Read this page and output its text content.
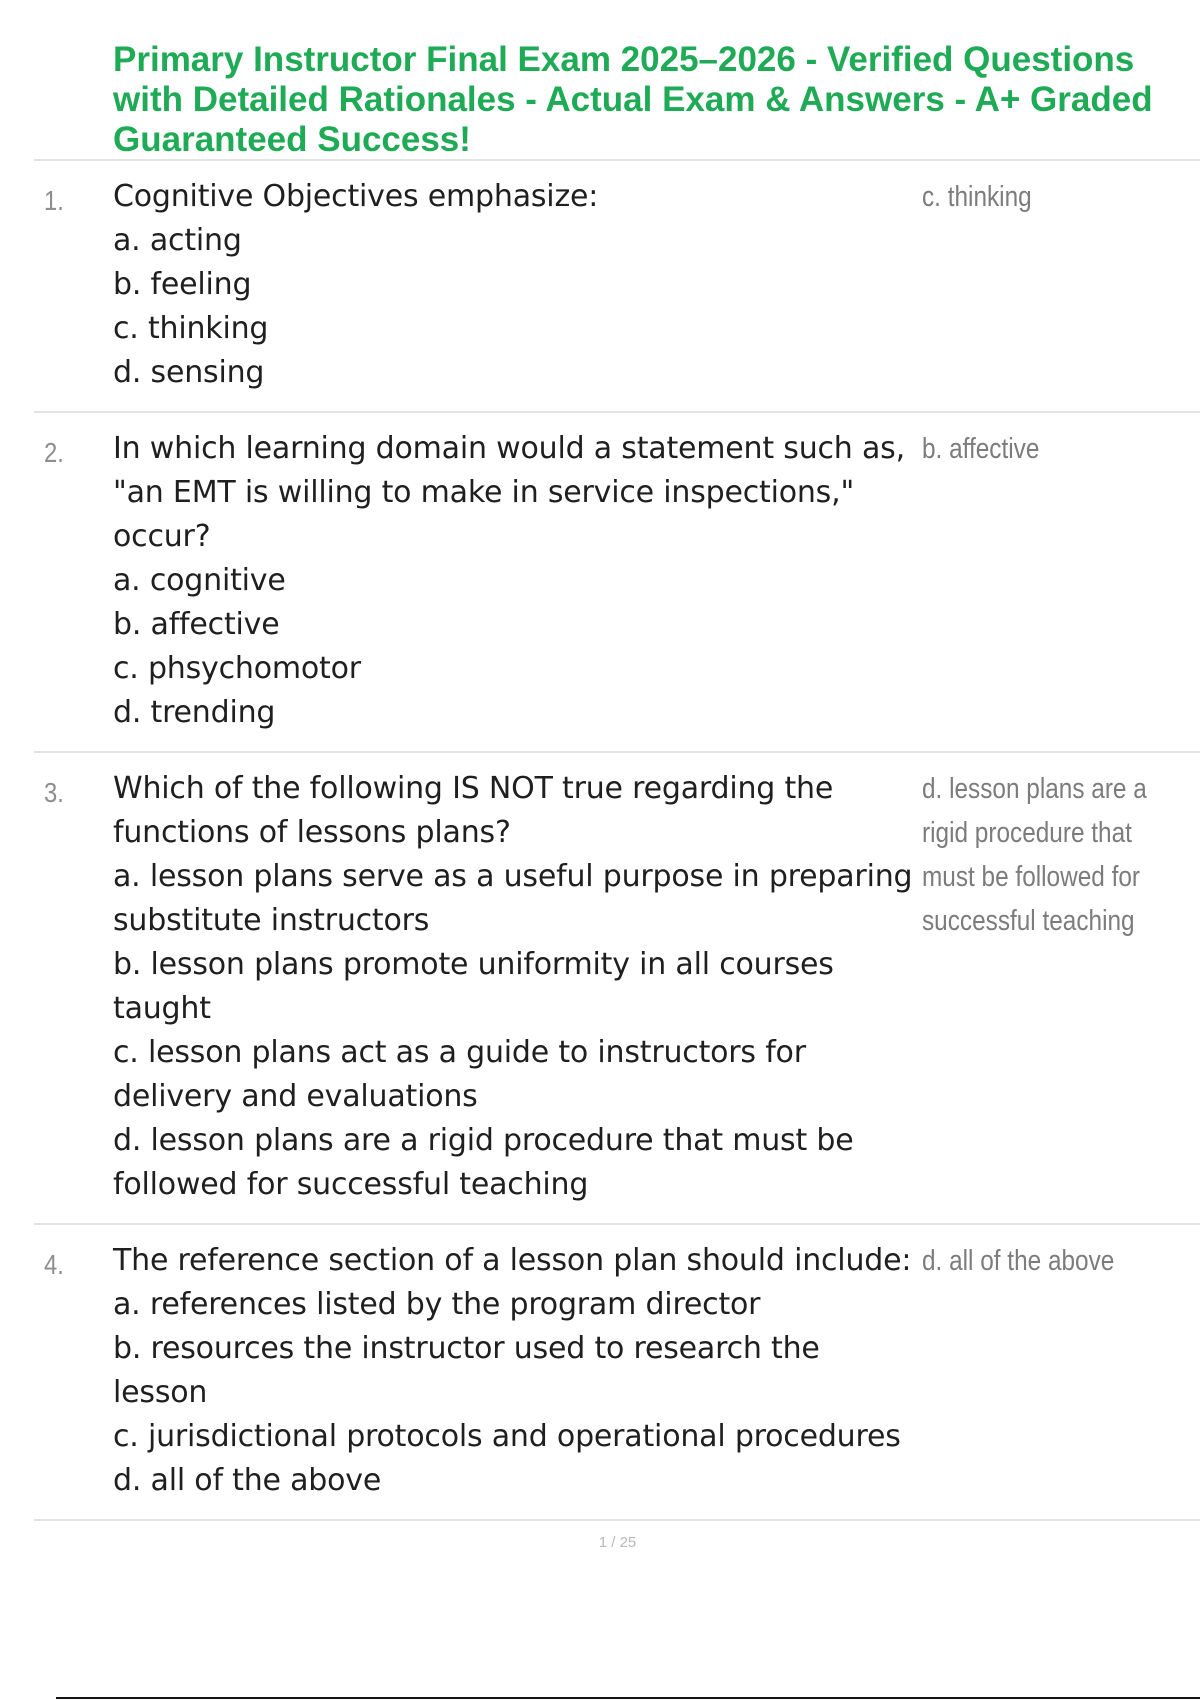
Primary Instructor Final Exam 2025–2026 - Verified Questions
with Detailed Rationales - Actual Exam & Answers - A+ Graded
Guaranteed Success!
1. Cognitive Objectives emphasize:
a. acting
b. feeling
c. thinking
d. sensing
c. thinking
2. In which learning domain would a statement such as, "an EMT is willing to make in service inspections," occur?
a. cognitive
b. affective
c. phsychomotor
d. trending
b. affective
3. Which of the following IS NOT true regarding the functions of lessons plans?
a. lesson plans serve as a useful purpose in preparing substitute instructors
b. lesson plans promote uniformity in all courses taught
c. lesson plans act as a guide to instructors for delivery and evaluations
d. lesson plans are a rigid procedure that must be followed for successful teaching
d. lesson plans are a rigid procedure that must be followed for successful teaching
4. The reference section of a lesson plan should include:
a. references listed by the program director
b. resources the instructor used to research the lesson
c. jurisdictional protocols and operational procedures
d. all of the above
d. all of the above
1 / 25
